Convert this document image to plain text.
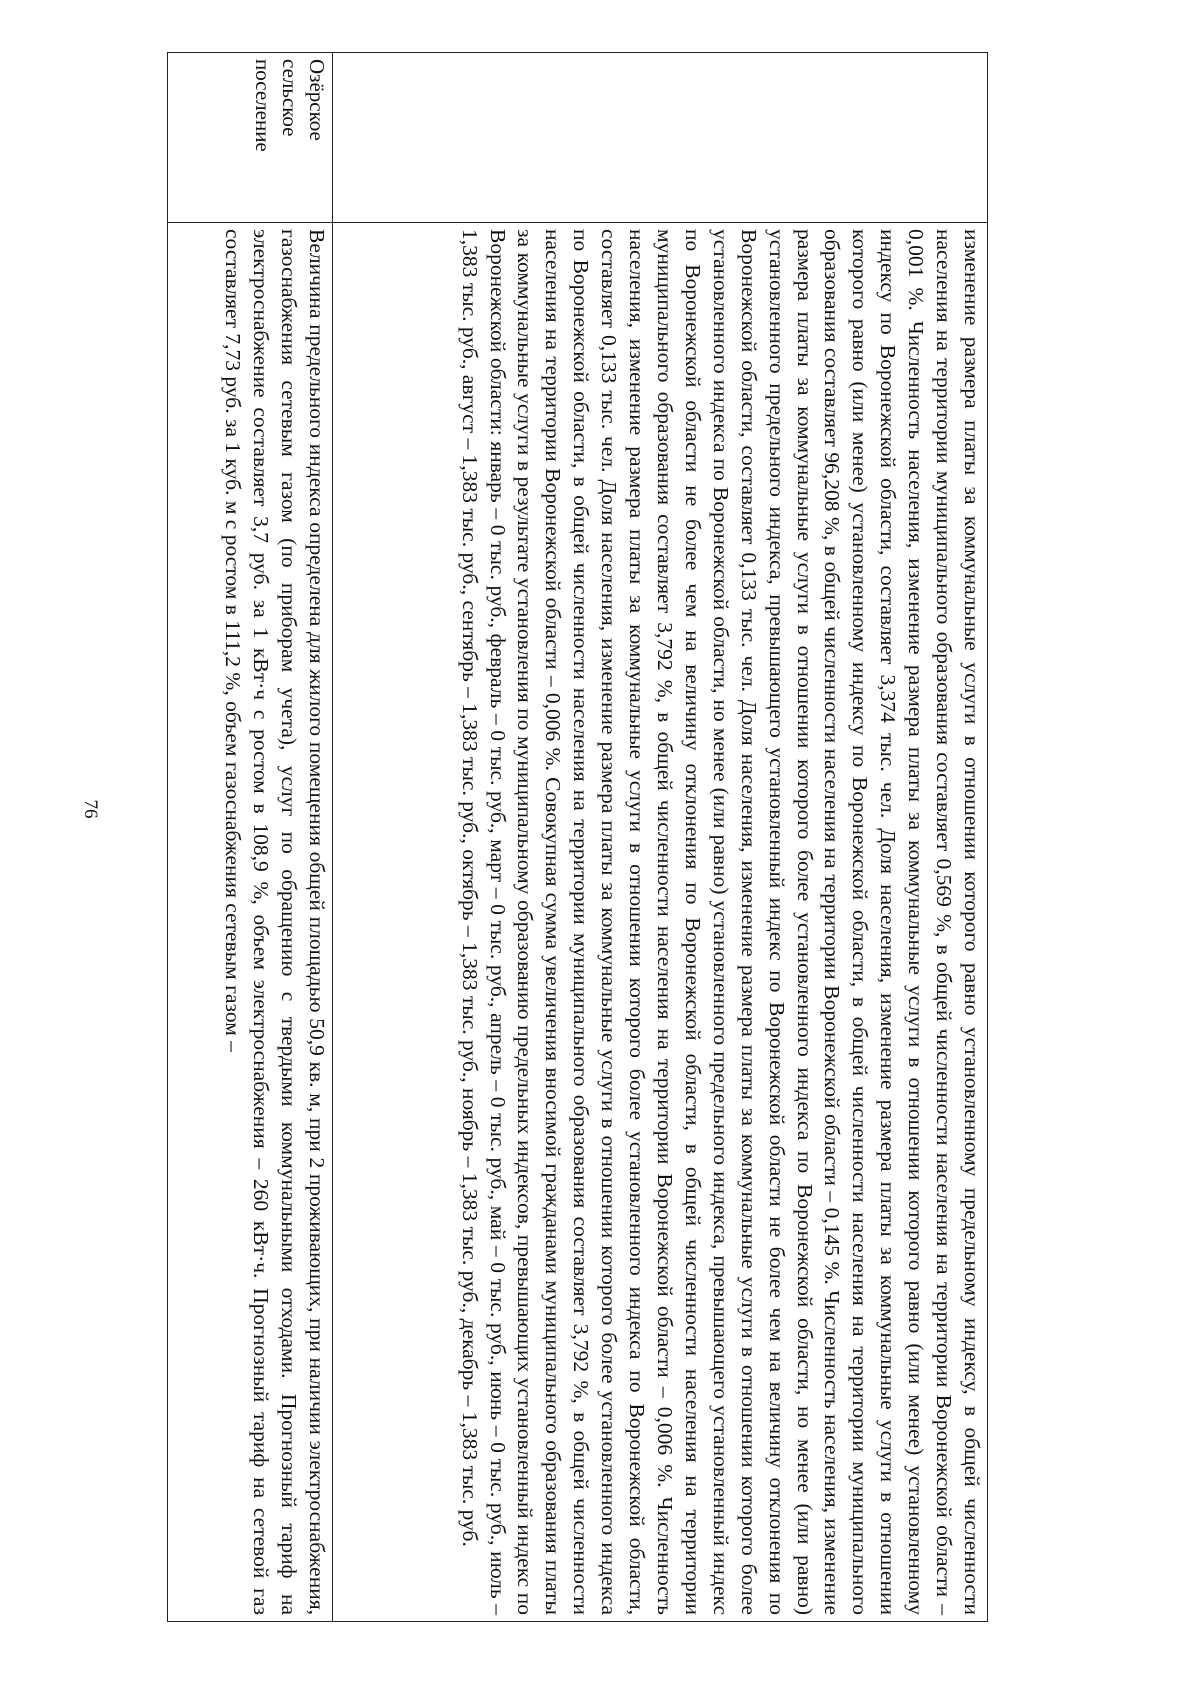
76

	изменение размера платы за коммунальные услуги в отношении которого равно установленному предельному индексу, в общей численности населения на территории муниципального образования составляет 0,569 %, в общей численности населения на территории Воронежской области – 0,001 %. Численность населения, изменение размера платы за коммунальные услуги в отношении которого равно (или менее) установленному индексу по Воронежской области, составляет 3,374 тыс. чел. Доля населения, изменение размера платы за коммунальные услуги в отношении которого равно (или менее) установленному индексу по Воронежской области, в общей численности населения на территории муниципального образования составляет 96,208 %, в общей численности населения на территории Воронежской области – 0,145 %. Численность населения, изменение размера платы за коммунальные услуги в отношении которого более установленного индекса по Воронежской области, но менее (или равно) установленного предельного индекса, превышающего установленный индекс по Воронежской области не более чем на величину отклонения по Воронежской области, составляет 0,133 тыс. чел. Доля населения, изменение размера платы за коммунальные услуги в отношении которого более установленного индекса по Воронежской области, но менее (или равно) установленного предельного индекса, превышающего установленный индекс по Воронежской области не более чем на величину отклонения по Воронежской области, в общей численности населения на территории муниципального образования составляет 3,792 %, в общей численности населения на территории Воронежской области – 0,006 %. Численность населения, изменение размера платы за коммунальные услуги в отношении которого более установленного индекса по Воронежской области, составляет 0,133 тыс. чел. Доля населения, изменение размера платы за коммунальные услуги в отношении которого более установленного индекса по Воронежской области, в общей численности населения на территории муниципального образования составляет 3,792 %, в общей численности населения на территории Воронежской области – 0,006 %. Совокупная сумма увеличения вносимой гражданами муниципального образования платы за коммунальные услуги в результате установления по муниципальному образованию предельных индексов, превышающих установленный индекс по Воронежской области: январь – 0 тыс. руб., февраль – 0 тыс. руб., март – 0 тыс. руб., апрель – 0 тыс. руб., май – 0 тыс. руб., июнь – 0 тыс. руб., июль – 1,383 тыс. руб., август – 1,383 тыс. руб., сентябрь – 1,383 тыс. руб., октябрь – 1,383 тыс. руб., ноябрь – 1,383 тыс. руб., декабрь – 1,383 тыс. руб.

Озёрское сельское поселение	Величина предельного индекса определена для жилого помещения общей площадью 50,9 кв. м, при 2 проживающих, при наличии электроснабжения, газоснабжения сетевым газом (по приборам учета), услуг по обращению с твердыми коммунальными отходами. Прогнозный тариф на электроснабжение составляет 3,7 руб. за 1 кВт·ч с ростом в 108,9 %, объем электроснабжения – 260 кВт·ч. Прогнозный тариф на сетевой газ составляет 7,73 руб. за 1 куб. м с ростом в 111,2 %, объем газоснабжения сетевым газом –
